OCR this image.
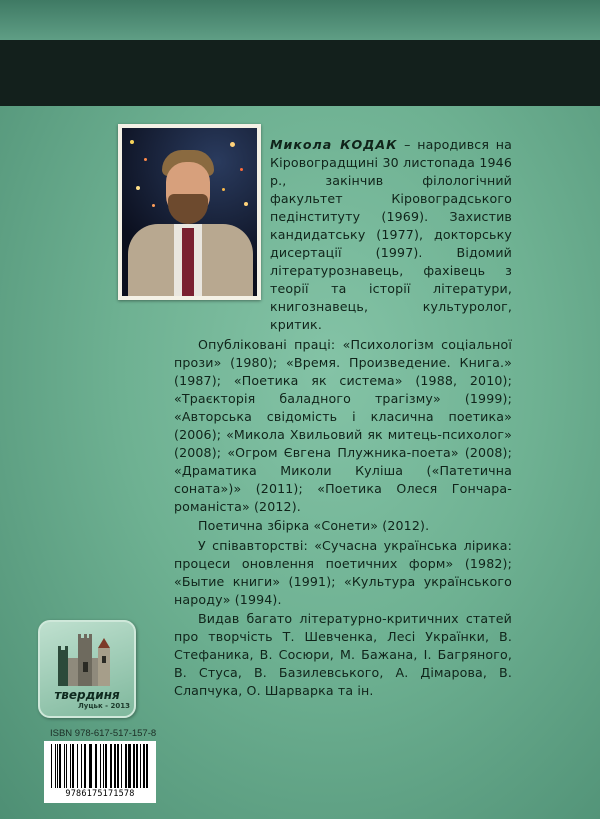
Микола КОДАК – народився на Кіровоградщині 30 листопада 1946 р., закінчив філологічний факультет Кіровоградського педінституту (1969). Захистив кандидатську (1977), докторську дисертації (1997). Відомий літературознавець, фахівець з теорії та історії літератури, книгознавець, культуролог, критик.

Опубліковані праці: «Психологізм соціальної прози» (1980); «Время. Произведение. Книга.» (1987); «Поетика як система» (1988, 2010); «Траєкторія баладного трагізму» (1999); «Авторська свідомість і класична поетика» (2006); «Микола Хвильовий як митець-психолог» (2008); «Огром Євгена Плужника-поета» (2008); «Драматика Миколи Куліша («Патетична соната»)» (2011); «Поетика Олеся Гончара-романіста» (2012).

Поетична збірка «Сонети» (2012).

У співавторстві: «Сучасна українська лірика: процеси оновлення поетичних форм» (1982); «Бытие книги» (1991); «Культура українського народу» (1994).

Видав багато літературно-критичних статей про творчість Т. Шевченка, Лесі Українки, В. Стефаника, В. Сосюри, М. Бажана, І. Багряного, В. Стуса, В. Базилевського, А. Дімарова, В. Слапчука, О. Шарварка та ін.

твердиня
Луцьк - 2013
ISBN 978-617-517-157-8
9786175171578
